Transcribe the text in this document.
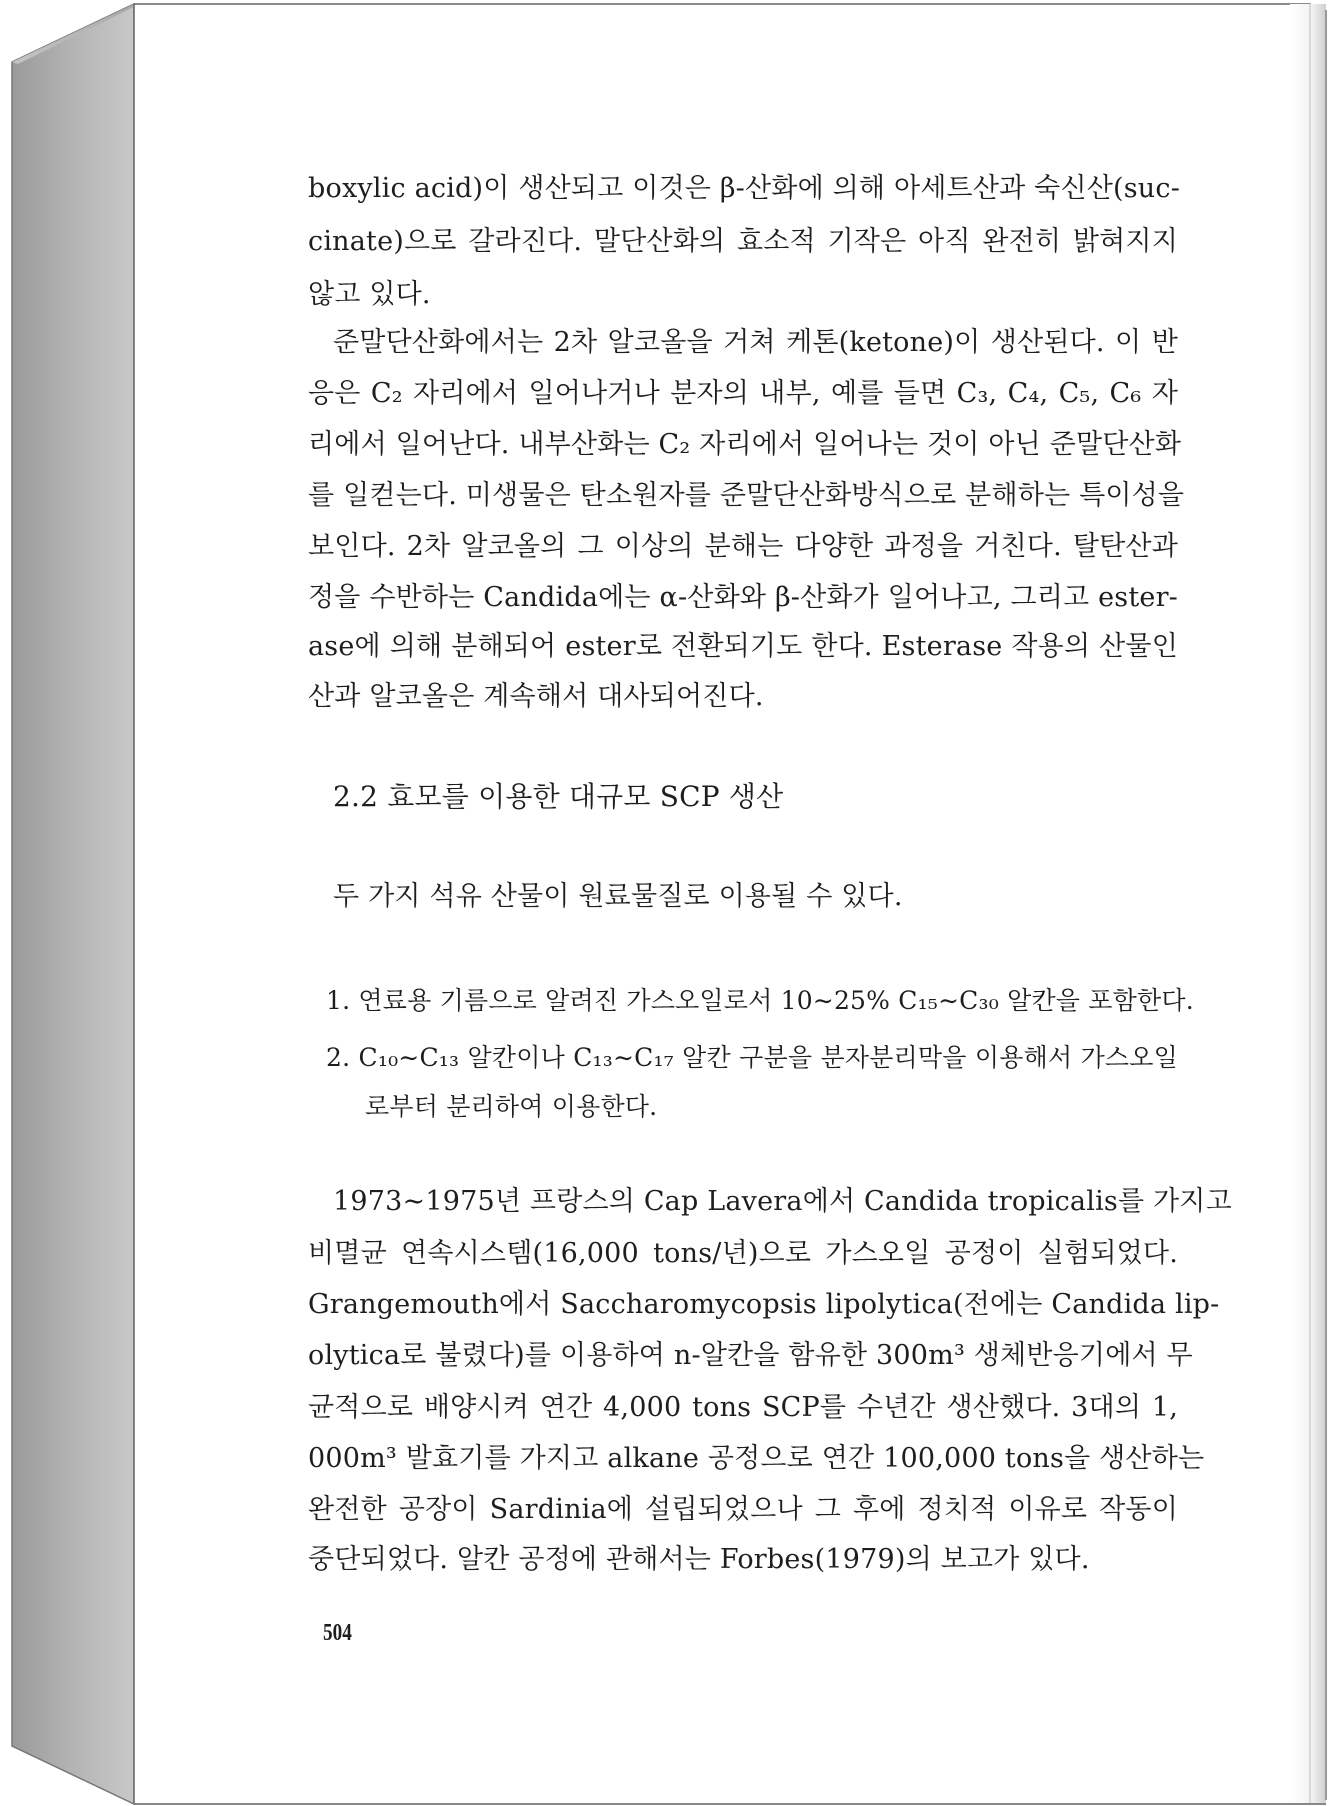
boxylic acid)이 생산되고 이것은 β-산화에 의해 아세트산과 숙신산(suc-
cinate)으로 갈라진다. 말단산화의 효소적 기작은 아직 완전히 밝혀지지
않고 있다.
준말단산화에서는 2차 알코올을 거쳐 케톤(ketone)이 생산된다. 이 반
응은 C₂ 자리에서 일어나거나 분자의 내부, 예를 들면 C₃, C₄, C₅, C₆ 자
리에서 일어난다. 내부산화는 C₂ 자리에서 일어나는 것이 아닌 준말단산화
를 일컫는다. 미생물은 탄소원자를 준말단산화방식으로 분해하는 특이성을
보인다. 2차 알코올의 그 이상의 분해는 다양한 과정을 거친다. 탈탄산과
정을 수반하는 Candida에는 α-산화와 β-산화가 일어나고, 그리고 ester-
ase에 의해 분해되어 ester로 전환되기도 한다. Esterase 작용의 산물인
산과 알코올은 계속해서 대사되어진다.
2.2 효모를 이용한 대규모 SCP 생산
두 가지 석유 산물이 원료물질로 이용될 수 있다.
1. 연료용 기름으로 알려진 가스오일로서 10∼25% C₁₅∼C₃₀ 알칸을 포함한다.
2. C₁₀∼C₁₃ 알칸이나 C₁₃∼C₁₇ 알칸 구분을 분자분리막을 이용해서 가스오일
로부터 분리하여 이용한다.
1973∼1975년 프랑스의 Cap Lavera에서 Candida tropicalis를 가지고
비멸균 연속시스템(16,000 tons/년)으로 가스오일 공정이 실험되었다.
Grangemouth에서 Saccharomycopsis lipolytica(전에는 Candida lip-
olytica로 불렸다)를 이용하여 n-알칸을 함유한 300m³ 생체반응기에서 무
균적으로 배양시켜 연간 4,000 tons SCP를 수년간 생산했다. 3대의 1,
000m³ 발효기를 가지고 alkane 공정으로 연간 100,000 tons을 생산하는
완전한 공장이 Sardinia에 설립되었으나 그 후에 정치적 이유로 작동이
중단되었다. 알칸 공정에 관해서는 Forbes(1979)의 보고가 있다.
504
